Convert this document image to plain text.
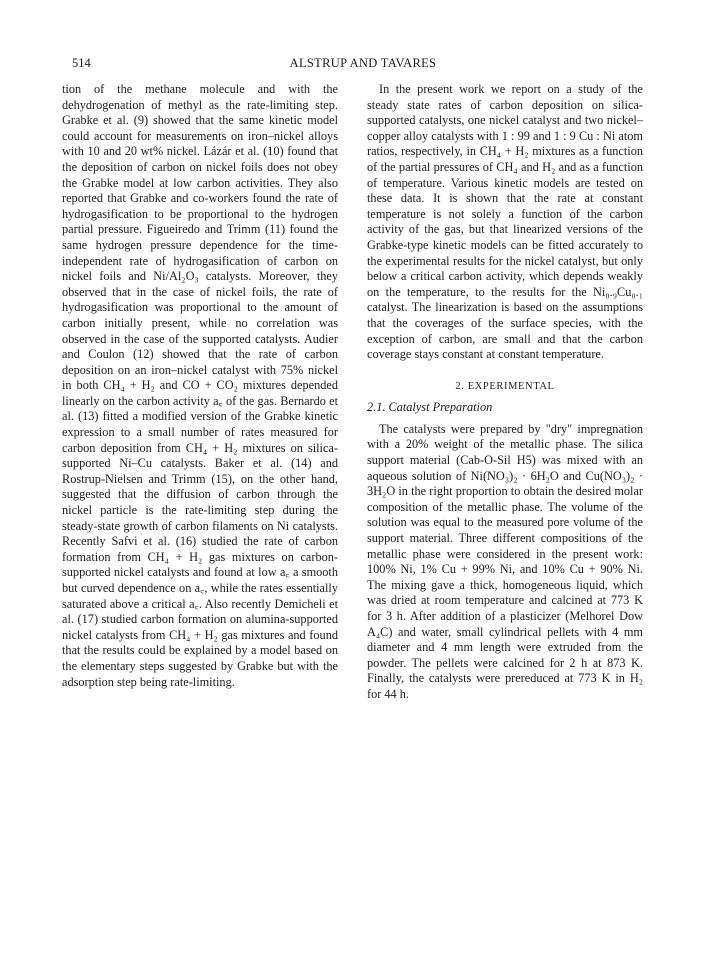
514	ALSTRUP AND TAVARES

tion of the methane molecule and with the dehydrogenation of methyl as the rate-limiting step. Grabke et al. (9) showed that the same kinetic model could account for measurements on iron–nickel alloys with 10 and 20 wt% nickel. Lázár et al. (10) found that the deposition of carbon on nickel foils does not obey the Grabke model at low carbon activities. They also reported that Grabke and co-workers found the rate of hydrogasification to be proportional to the hydrogen partial pressure. Figueiredo and Trimm (11) found the same hydrogen pressure dependence for the time-independent rate of hydrogasification of carbon on nickel foils and Ni/Al₂O₃ catalysts. Moreover, they observed that in the case of nickel foils, the rate of hydrogasification was proportional to the amount of carbon initially present, while no correlation was observed in the case of the supported catalysts. Audier and Coulon (12) showed that the rate of carbon deposition on an iron–nickel catalyst with 75% nickel in both CH₄ + H₂ and CO + CO₂ mixtures depended linearly on the carbon activity a꜀ of the gas. Bernardo et al. (13) fitted a modified version of the Grabke kinetic expression to a small number of rates measured for carbon deposition from CH₄ + H₂ mixtures on silica-supported Ni–Cu catalysts. Baker et al. (14) and Rostrup-Nielsen and Trimm (15), on the other hand, suggested that the diffusion of carbon through the nickel particle is the rate-limiting step during the steady-state growth of carbon filaments on Ni catalysts. Recently Safvi et al. (16) studied the rate of carbon formation from CH₄ + H₂ gas mixtures on carbon-supported nickel catalysts and found at low a꜀ a smooth but curved dependence on a꜀, while the rates essentially saturated above a critical a꜀. Also recently Demicheli et al. (17) studied carbon formation on alumina-supported nickel catalysts from CH₄ + H₂ gas mixtures and found that the results could be explained by a model based on the elementary steps suggested by Grabke but with the adsorption step being rate-limiting.

In the present work we report on a study of the steady state rates of carbon deposition on silica-supported catalysts, one nickel catalyst and two nickel–copper alloy catalysts with 1 : 99 and 1 : 9 Cu : Ni atom ratios, respectively, in CH₄ + H₂ mixtures as a function of the partial pressures of CH₄ and H₂ and as a function of temperature. Various kinetic models are tested on these data. It is shown that the rate at constant temperature is not solely a function of the carbon activity of the gas, but that linearized versions of the Grabke-type kinetic models can be fitted accurately to the experimental results for the nickel catalyst, but only below a critical carbon activity, which depends weakly on the temperature, to the results for the Ni₀.₉Cu₀.₁ catalyst. The linearization is based on the assumptions that the coverages of the surface species, with the exception of carbon, are small and that the carbon coverage stays constant at constant temperature.

2. EXPERIMENTAL
2.1. Catalyst Preparation

The catalysts were prepared by "dry" impregnation with a 20% weight of the metallic phase. The silica support material (Cab-O-Sil H5) was mixed with an aqueous solution of Ni(NO₃)₂ · 6H₂O and Cu(NO₃)₂ · 3H₂O in the right proportion to obtain the desired molar composition of the metallic phase. The volume of the solution was equal to the measured pore volume of the support material. Three different compositions of the metallic phase were considered in the present work: 100% Ni, 1% Cu + 99% Ni, and 10% Cu + 90% Ni. The mixing gave a thick, homogeneous liquid, which was dried at room temperature and calcined at 773 K for 3 h. After addition of a plasticizer (Melhorel Dow A₄C) and water, small cylindrical pellets with 4 mm diameter and 4 mm length were extruded from the powder. The pellets were calcined for 2 h at 873 K. Finally, the catalysts were prereduced at 773 K in H₂ for 44 h.
